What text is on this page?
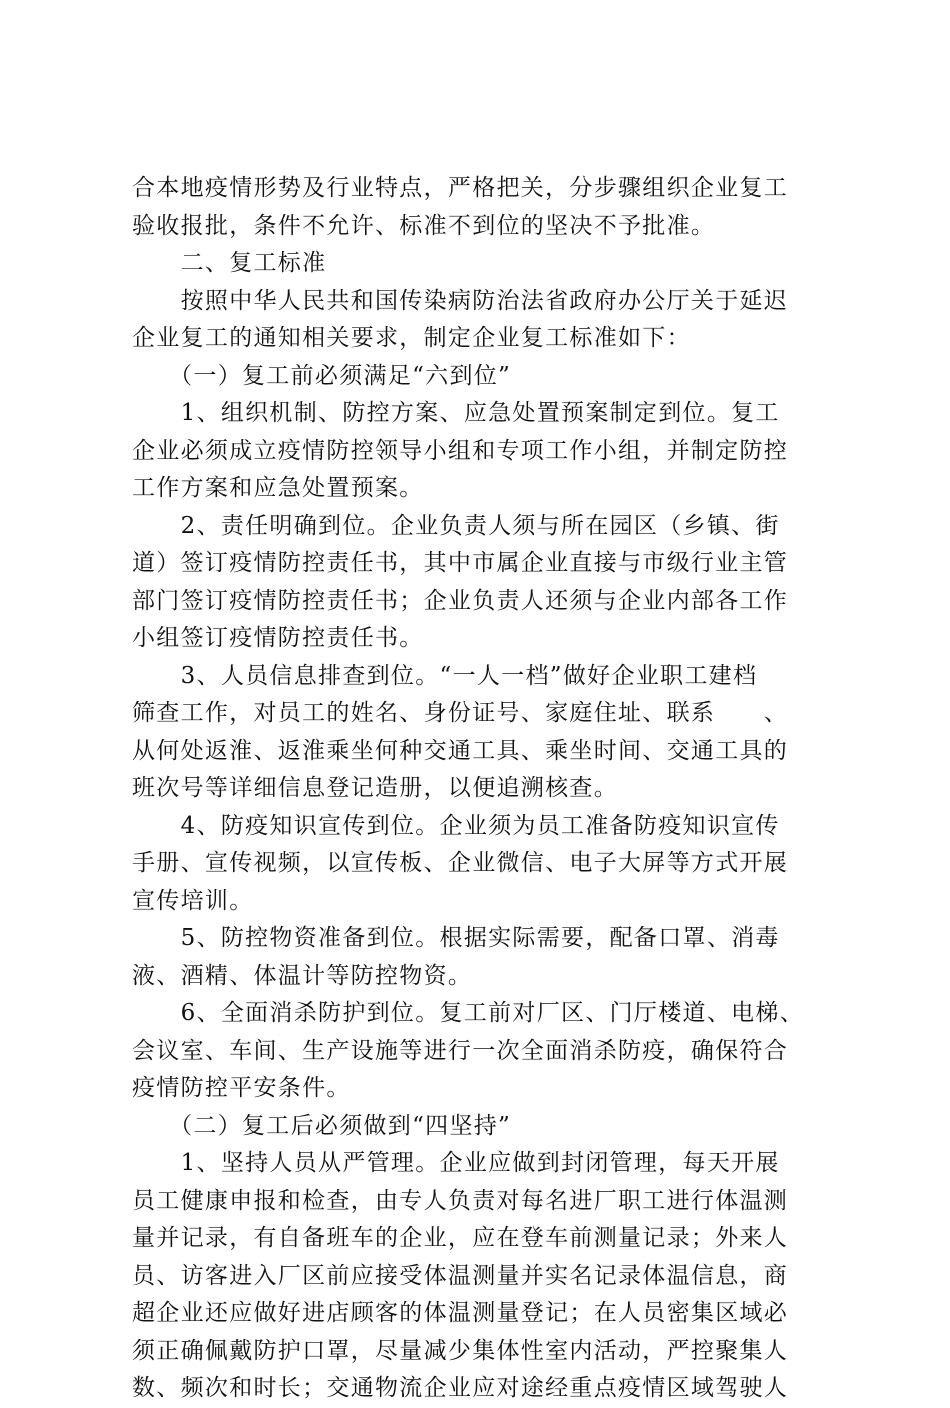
合本地疫情形势及行业特点，严格把关，分步骤组织企业复工
验收报批，条件不允许、标准不到位的坚决不予批准。
　　二、复工标准
　　按照中华人民共和国传染病防治法省政府办公厅关于延迟
企业复工的通知相关要求，制定企业复工标准如下：
　　（一）复工前必须满足“六到位”
　　1、组织机制、防控方案、应急处置预案制定到位。复工
企业必须成立疫情防控领导小组和专项工作小组，并制定防控
工作方案和应急处置预案。
　　2、责任明确到位。企业负责人须与所在园区（乡镇、街
道）签订疫情防控责任书，其中市属企业直接与市级行业主管
部门签订疫情防控责任书；企业负责人还须与企业内部各工作
小组签订疫情防控责任书。
　　3、人员信息排查到位。“一人一档”做好企业职工建档
筛查工作，对员工的姓名、身份证号、家庭住址、联系　　、
从何处返淮、返淮乘坐何种交通工具、乘坐时间、交通工具的
班次号等详细信息登记造册，以便追溯核查。
　　4、防疫知识宣传到位。企业须为员工准备防疫知识宣传
手册、宣传视频，以宣传板、企业微信、电子大屏等方式开展
宣传培训。
　　5、防控物资准备到位。根据实际需要，配备口罩、消毒
液、酒精、体温计等防控物资。
　　6、全面消杀防护到位。复工前对厂区、门厅楼道、电梯、
会议室、车间、生产设施等进行一次全面消杀防疫，确保符合
疫情防控平安条件。
　　（二）复工后必须做到“四坚持”
　　1、坚持人员从严管理。企业应做到封闭管理，每天开展
员工健康申报和检查，由专人负责对每名进厂职工进行体温测
量并记录，有自备班车的企业，应在登车前测量记录；外来人
员、访客进入厂区前应接受体温测量并实名记录体温信息，商
超企业还应做好进店顾客的体温测量登记；在人员密集区域必
须正确佩戴防护口罩，尽量减少集体性室内活动，严控聚集人
数、频次和时长；交通物流企业应对途经重点疫情区域驾驶人
